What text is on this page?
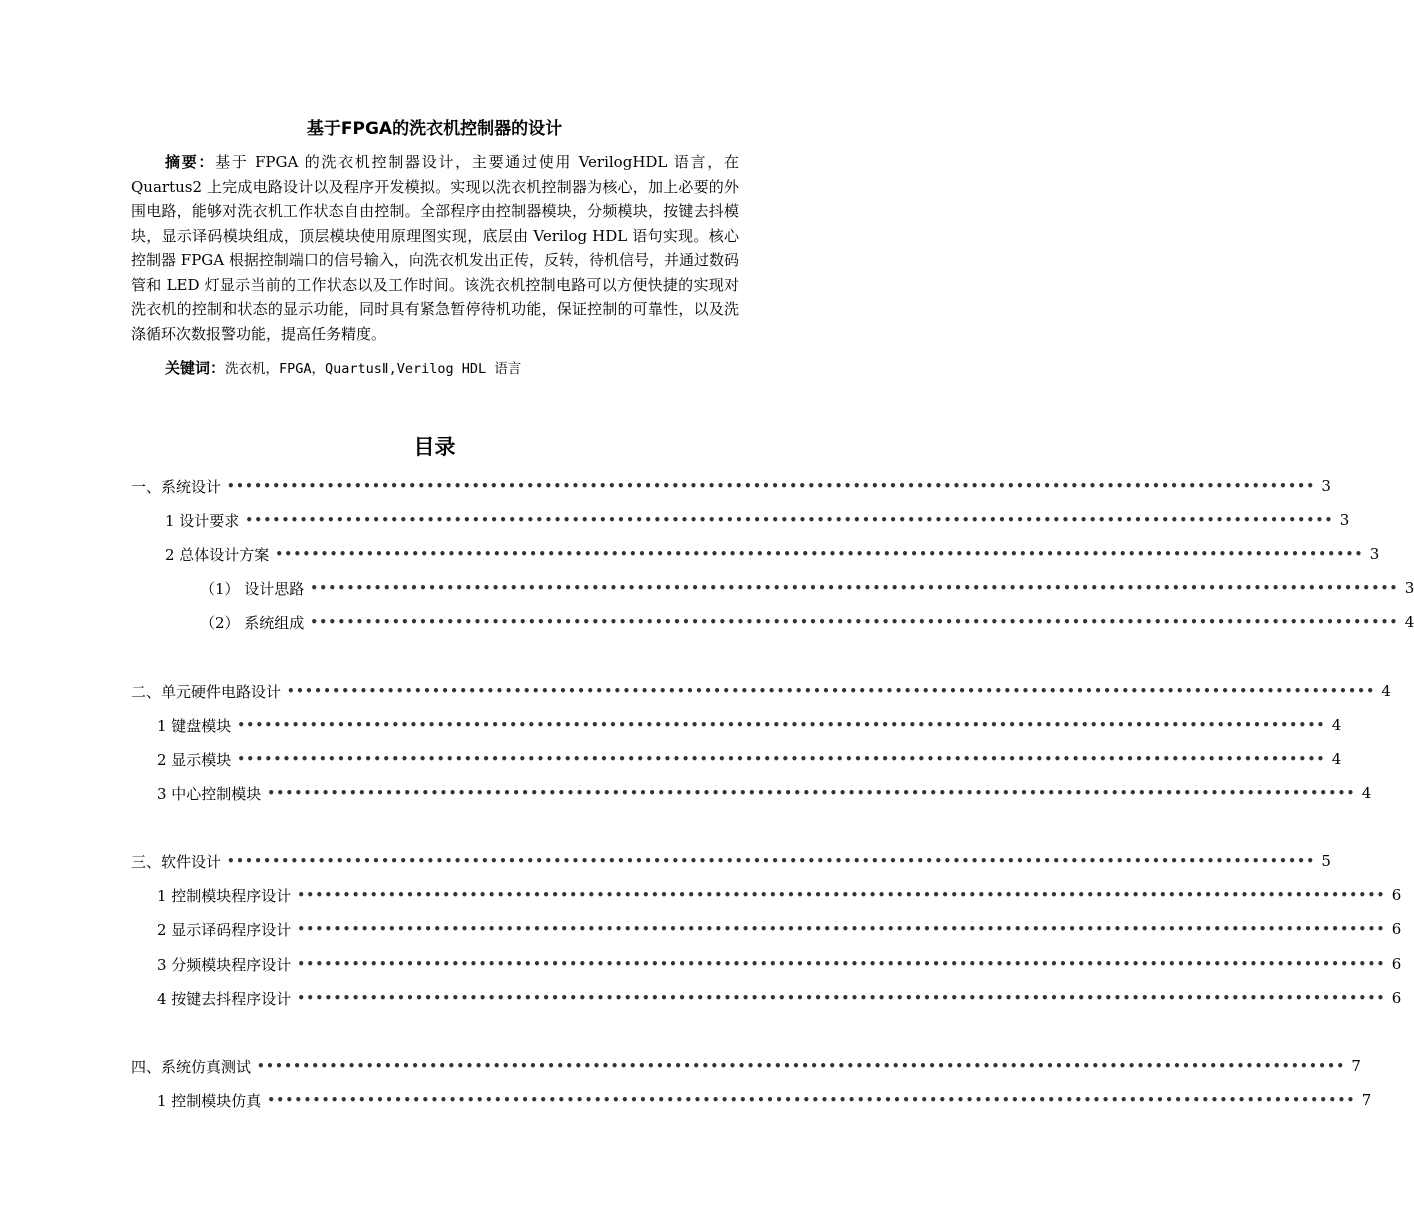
基于FPGA的洗衣机控制器的设计

摘要：基于 FPGA 的洗衣机控制器设计，主要通过使用 VerilogHDL 语言，在 Quartus2 上完成电路设计以及程序开发模拟。实现以洗衣机控制器为核心，加上必要的外围电路，能够对洗衣机工作状态自由控制。全部程序由控制器模块，分频模块，按键去抖模块，显示译码模块组成，顶层模块使用原理图实现，底层由 Verilog HDL 语句实现。核心控制器 FPGA 根据控制端口的信号输入，向洗衣机发出正传，反转，待机信号，并通过数码管和 LED 灯显示当前的工作状态以及工作时间。该洗衣机控制电路可以方便快捷的实现对洗衣机的控制和状态的显示功能，同时具有紧急暂停待机功能，保证控制的可靠性，以及洗涤循环次数报警功能，提高任务精度。

关键词：洗衣机，FPGA，QuartusⅡ,Verilog HDL 语言
目录
一、系统设计 •••••••••••••••••••••••••••••••••••••••••••••••••••••••••••••••••••••••••••••••••••••••••••••••••••••••••••••••••••••••• 3
1 设计要求 •••••••••••••••••••••••••••••••••••••••••••••••••••••••••••••••••••••••••••••••••••••••••••••••••••••••••••••••••••••••• 3
2 总体设计方案 •••••••••••••••••••••••••••••••••••••••••••••••••••••••••••••••••••••••••••••••••••••••••••••••••••••••••••••••••••••••• 3
（1） 设计思路 •••••••••••••••••••••••••••••••••••••••••••••••••••••••••••••••••••••••••••••••••••••••••••••••••••••••••••••••••••••••• 3
（2） 系统组成 •••••••••••••••••••••••••••••••••••••••••••••••••••••••••••••••••••••••••••••••••••••••••••••••••••••••••••••••••••••••• 4
二、单元硬件电路设计 •••••••••••••••••••••••••••••••••••••••••••••••••••••••••••••••••••••••••••••••••••••••••••••••••••••••••••••••••••••••• 4
1 键盘模块 •••••••••••••••••••••••••••••••••••••••••••••••••••••••••••••••••••••••••••••••••••••••••••••••••••••••••••••••••••••••• 4
2 显示模块 •••••••••••••••••••••••••••••••••••••••••••••••••••••••••••••••••••••••••••••••••••••••••••••••••••••••••••••••••••••••• 4
3 中心控制模块 •••••••••••••••••••••••••••••••••••••••••••••••••••••••••••••••••••••••••••••••••••••••••••••••••••••••••••••••••••••••• 4
三、软件设计 •••••••••••••••••••••••••••••••••••••••••••••••••••••••••••••••••••••••••••••••••••••••••••••••••••••••••••••••••••••••• 5
1 控制模块程序设计 •••••••••••••••••••••••••••••••••••••••••••••••••••••••••••••••••••••••••••••••••••••••••••••••••••••••••••••••••••••••• 6
2 显示译码程序设计 •••••••••••••••••••••••••••••••••••••••••••••••••••••••••••••••••••••••••••••••••••••••••••••••••••••••••••••••••••••••• 6
3 分频模块程序设计 •••••••••••••••••••••••••••••••••••••••••••••••••••••••••••••••••••••••••••••••••••••••••••••••••••••••••••••••••••••••• 6
4 按键去抖程序设计 •••••••••••••••••••••••••••••••••••••••••••••••••••••••••••••••••••••••••••••••••••••••••••••••••••••••••••••••••••••••• 6
四、系统仿真测试 •••••••••••••••••••••••••••••••••••••••••••••••••••••••••••••••••••••••••••••••••••••••••••••••••••••••••••••••••••••••• 7
1 控制模块仿真 •••••••••••••••••••••••••••••••••••••••••••••••••••••••••••••••••••••••••••••••••••••••••••••••••••••••••••••••••••••••• 7
